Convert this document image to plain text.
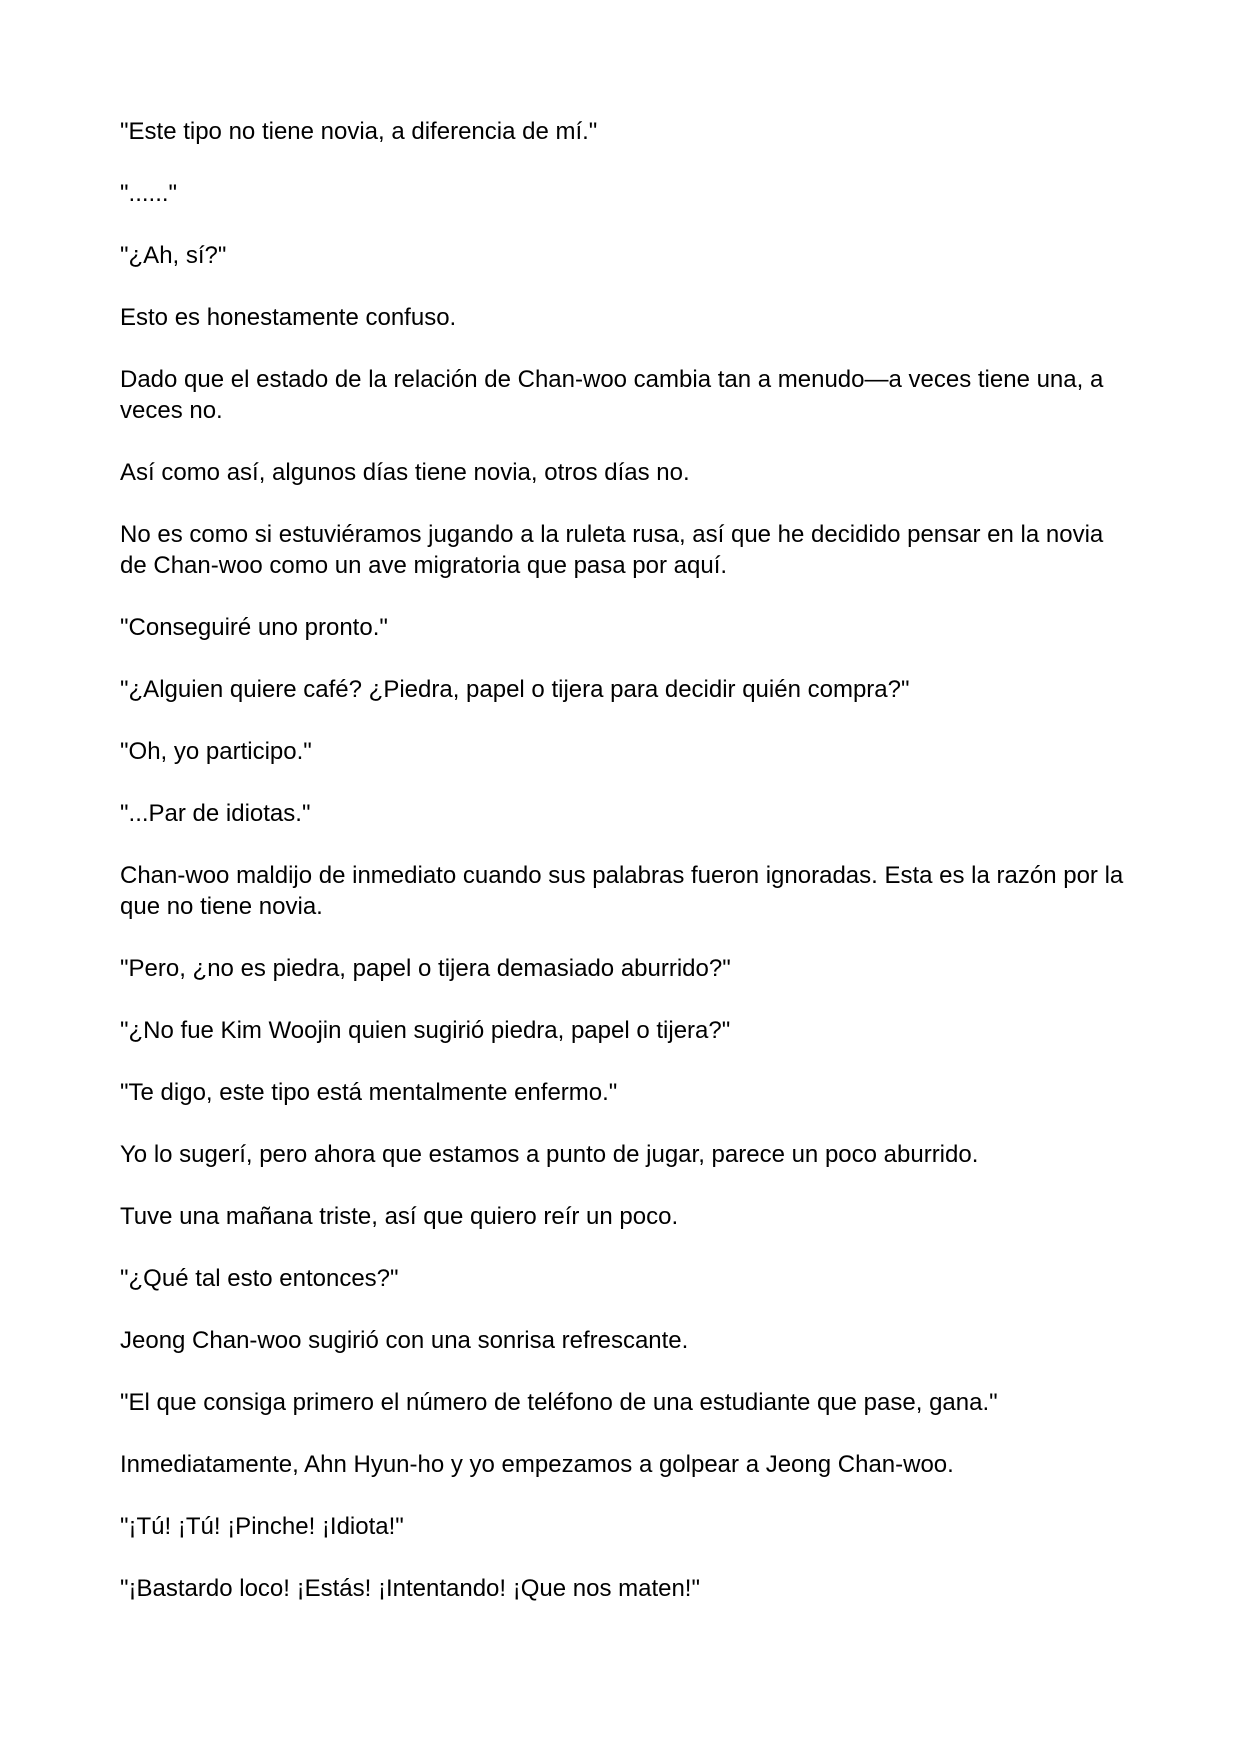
"Este tipo no tiene novia, a diferencia de mí."

"......"

"¿Ah, sí?"

Esto es honestamente confuso.

Dado que el estado de la relación de Chan-woo cambia tan a menudo—a veces tiene una, a veces no.

Así como así, algunos días tiene novia, otros días no.

No es como si estuviéramos jugando a la ruleta rusa, así que he decidido pensar en la novia de Chan-woo como un ave migratoria que pasa por aquí.

"Conseguiré uno pronto."

"¿Alguien quiere café? ¿Piedra, papel o tijera para decidir quién compra?"

"Oh, yo participo."

"...Par de idiotas."

Chan-woo maldijo de inmediato cuando sus palabras fueron ignoradas. Esta es la razón por la que no tiene novia.

"Pero, ¿no es piedra, papel o tijera demasiado aburrido?"

"¿No fue Kim Woojin quien sugirió piedra, papel o tijera?"

"Te digo, este tipo está mentalmente enfermo."

Yo lo sugerí, pero ahora que estamos a punto de jugar, parece un poco aburrido.

Tuve una mañana triste, así que quiero reír un poco.

"¿Qué tal esto entonces?"

Jeong Chan-woo sugirió con una sonrisa refrescante.

"El que consiga primero el número de teléfono de una estudiante que pase, gana."

Inmediatamente, Ahn Hyun-ho y yo empezamos a golpear a Jeong Chan-woo.

"¡Tú! ¡Tú! ¡Pinche! ¡Idiota!"

"¡Bastardo loco! ¡Estás! ¡Intentando! ¡Que nos maten!"
